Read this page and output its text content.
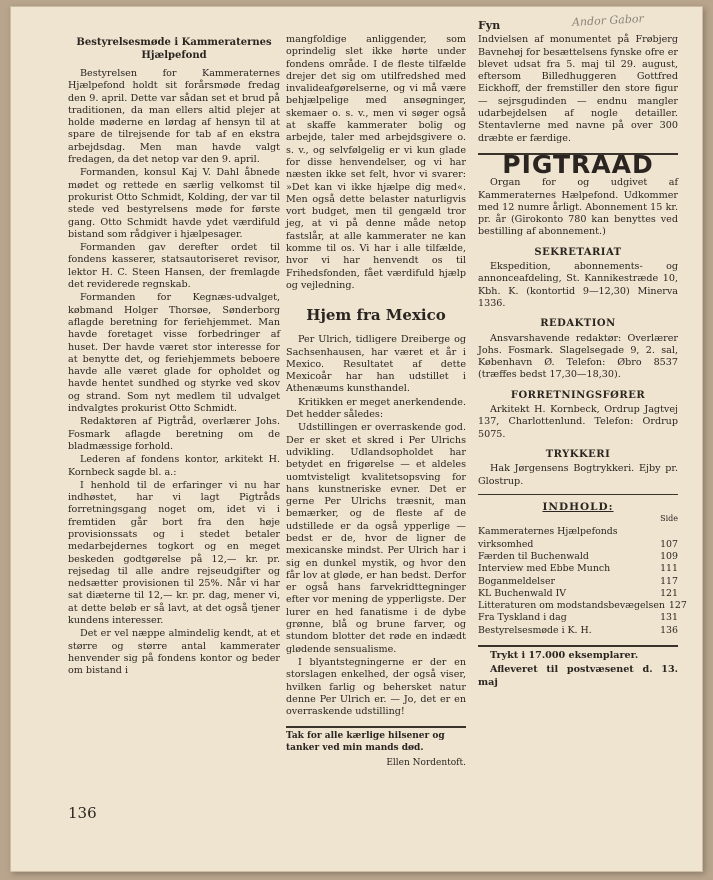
Andor Gabor
Bestyrelsesmøde i Kammeraternes Hjælpefond

Bestyrelsen for Kammeraternes Hjælpefond holdt sit forårsmøde fredag den 9. april. Dette var sådan set et brud på traditionen, da man ellers altid plejer at holde møderne en lørdag af hensyn til at spare de tilrejsende for tab af en ekstra arbejdsdag. Men man havde valgt fredagen, da det netop var den 9. april.

Formanden, konsul Kaj V. Dahl åbnede mødet og rettede en særlig velkomst til prokurist Otto Schmidt, Kolding, der var til stede ved bestyrelsens møde for første gang. Otto Schmidt havde ydet værdifuld bistand som rådgiver i hjælpesager.

Formanden gav derefter ordet til fondens kasserer, statsautoriseret revisor, lektor H. C. Steen Hansen, der fremlagde det reviderede regnskab.

Formanden for Kegnæs-udvalget, købmand Holger Thorsøe, Sønderborg aflagde beretning for feriehjemmet. Man havde foretaget visse forbedringer af huset. Der havde været stor interesse for at benytte det, og feriehjemmets beboere havde alle været glade for opholdet og havde hentet sundhed og styrke ved skov og strand. Som nyt medlem til udvalget indvalgtes prokurist Otto Schmidt.

Redaktøren af Pigtråd, overlærer Johs. Fosmark aflagde beretning om de bladmæssige forhold.

Lederen af fondens kontor, arkitekt H. Kornbeck sagde bl. a.:

I henhold til de erfaringer vi nu har indhøstet, har vi lagt Pigtråds forretningsgang noget om, idet vi i fremtiden går bort fra den høje provisionssats og i stedet betaler medarbejdernes togkort og en meget beskeden godtgørelse på 12,— kr. pr. rejsedag til alle andre rejseudgifter og nedsætter provisionen til 25%. Når vi har sat diæterne til 12,— kr. pr. dag, mener vi, at dette beløb er så lavt, at det også tjener kundens interesser.

Det er vel næppe almindelig kendt, at et større og større antal kammerater henvender sig på fondens kontor og beder om bistand i

mangfoldige anliggender, som oprindelig slet ikke hørte under fondens område. I de fleste tilfælde drejer det sig om utilfredshed med invalideafgørelserne, og vi må være behjælpelige med ansøgninger, skemaer o. s. v., men vi søger også at skaffe kammerater bolig og arbejde, taler med arbejdsgivere o. s. v., og selvfølgelig er vi kun glade for disse henvendelser, og vi har næsten ikke set felt, hvor vi svarer: »Det kan vi ikke hjælpe dig med«. Men også dette belaster naturligvis vort budget, men til gengæld tror jeg, at vi på denne måde netop fastslår, at alle kammerater ne kan komme til os. Vi har i alle tilfælde, hvor vi har henvendt os til Frihedsfonden, fået værdifuld hjælp og vejledning.

Hjem fra Mexico

Per Ulrich, tidligere Dreiberge og Sachsenhausen, har været et år i Mexico. Resultatet af dette Mexicoår har han udstillet i Athenæums kunsthandel.

Kritikken er meget anerkendende. Det hedder således:

Udstillingen er overraskende god. Der er sket et skred i Per Ulrichs udvikling. Udlandsopholdet har betydet en frigørelse — et aldeles uomtvisteligt kvalitetsopsving for hans kunstneriske evner. Det er gerne Per Ulrichs træsnit, man bemærker, og de fleste af de udstillede er da også ypperlige — bedst er de, hvor de ligner de mexicanske mindst. Per Ulrich har i sig en dunkel mystik, og hvor den får lov at gløde, er han bedst. Derfor er også hans farvekridttegninger efter vor mening de ypperligste. Der lurer en hed fanatisme i de dybe grønne, blå og brune farver, og stundom blotter det røde en indædt glødende sensualisme.

I blyantstegningerne er der en storslagen enkelhed, der også viser, hvilken farlig og behersket natur denne Per Ulrich er. — Jo, det er en overraskende udstilling!

Tak for alle kærlige hilsener og tanker ved min mands død.
Ellen Nordentoft.
Fyn

Indvielsen af monumentet på Frøbjerg Bavnehøj for besættelsens fynske ofre er blevet udsat fra 5. maj til 29. august, eftersom Billedhuggeren Gottfred Eickhoff, der fremstiller den store figur — sejrsgudinden — endnu mangler udarbejdelsen af nogle detailler. Stentavlerne med navne på over 300 dræbte er færdige.

PIGTRAAD

Organ for og udgivet af Kammeraternes Hælpefond. Udkommer med 12 numre årligt. Abonnement 15 kr. pr. år (Girokonto 780 kan benyttes ved bestilling af abonnement.)

SEKRETARIAT

Ekspedition, abonnements- og annonceafdeling, St. Kannikestræde 10, Kbh. K. (kontortid 9—12,30) Minerva 1336.

REDAKTION

Ansvarshavende redaktør: Overlærer Johs. Fosmark. Slagelsegade 9, 2. sal, København Ø. Telefon: Øbro 8537 (træffes bedst 17,30—18,30).

FORRETNINGSFØRER

Arkitekt H. Kornbeck, Ordrup Jagtvej 137, Charlottenlund. Telefon: Ordrup 5075.

TRYKKERI

Hak Jørgensens Bogtrykkeri. Ejby pr. Glostrup.

INDHOLD:
Side
Kammeraternes Hjælpefonds
virksomhed	107
Færden til Buchenwald	109
Interview med Ebbe Munch	111
Boganmeldelser	117
KL Buchenwald IV	121
Litteraturen om modstandsbevægelsen 127
Fra Tyskland i dag	131
Bestyrelsesmøde i K. H.	136

Trykt i 17.000 eksemplarer.

Afleveret til postvæsenet d. 13. maj

136
